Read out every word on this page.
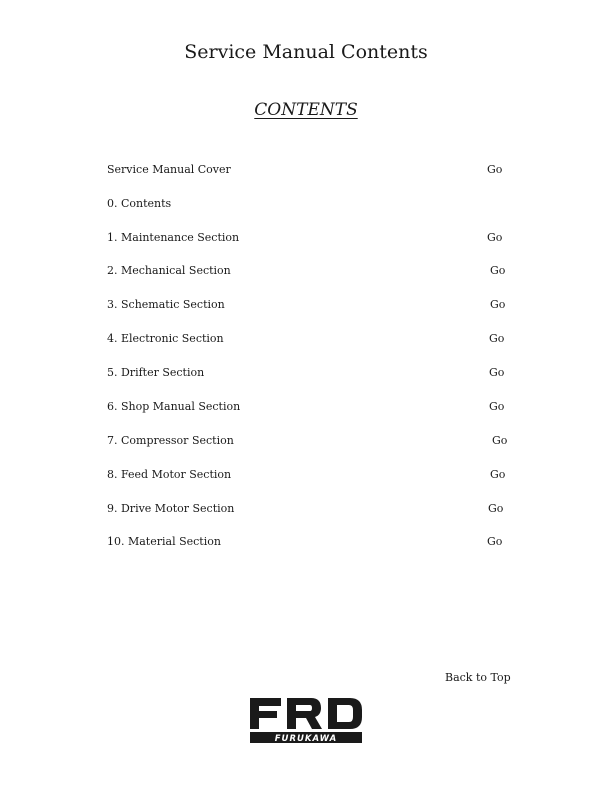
Service Manual Contents
CONTENTS
Service Manual Cover	Go
0. Contents
1. Maintenance Section	Go
2. Mechanical Section	Go
3. Schematic Section	Go
4. Electronic Section	Go
5. Drifter Section	Go
6. Shop Manual Section	Go
7. Compressor Section	Go
8. Feed Motor Section	Go
9. Drive Motor Section	Go
10. Material Section	Go
Back to Top
FURUKAWA
